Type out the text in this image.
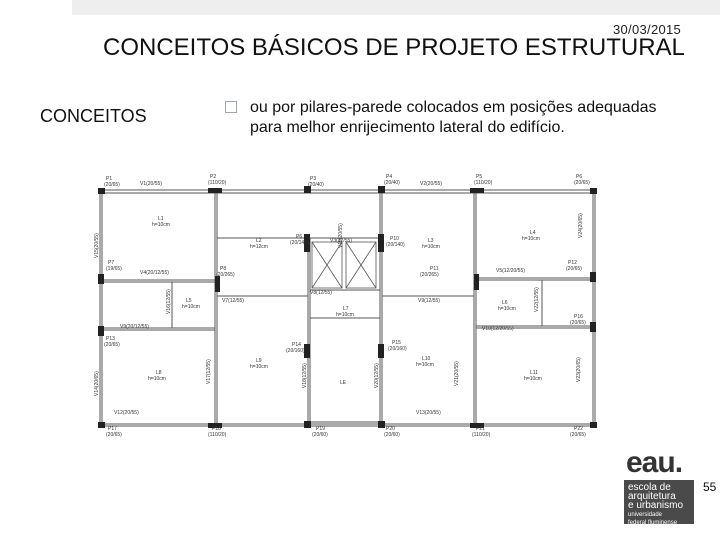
30/03/2015
CONCEITOS BÁSICOS DE PROJETO ESTRUTURAL
CONCEITOS	ou por pilares-parede colocados em posições adequadas para melhor enrijecimento lateral do edifício.
P1
(20/65)	V1(20/55)
P2
(110/20)
P3
(20/40)
P4
(20/40)	V2(20/55)
P5
(110/20)
P6
(20/65)
L1
h=10cm
L2
h=12cm
P6
(20/140)	V3(12/55)	P10
(20/140)
L3
h=10cm
L4
h=10cm
P7
(19/65)
V4(20/12/55)
P8
(20/265)
P11
(20/265)
V5(12/20/55)
P12
(20/65)
L5
h=10cm
V7(12/55)
V8(12/55)
V9(12/55)	L6
h=10cm
L7
h=10cm
V9(20/12/55)	V10(12/20/55)
P16
(20/65)
P13
(20/65)	P14
(20/160)
P15
(20/160)
L9
h=10cm
L10
h=10cm
L8
h=10cm
L11
h=10cm
LE
V12(20/55)	V13(20/55)
P17
(20/65)
P18
(110/20)
P19
(20/60)
P20
(20/60)
P21
(110/20)
P22
(20/65)
V15(20/55)
V24(20/65)
V19(20/55)
V16(12/55)	V22(12/55)
V14(20/65)	V17(12/55)	V18(12/55)	V20(12/55)	V21(20/55)	V23(20/65)
eau.
escola de
arquitetura
e urbanismo
universidade
federal fluminense
55
